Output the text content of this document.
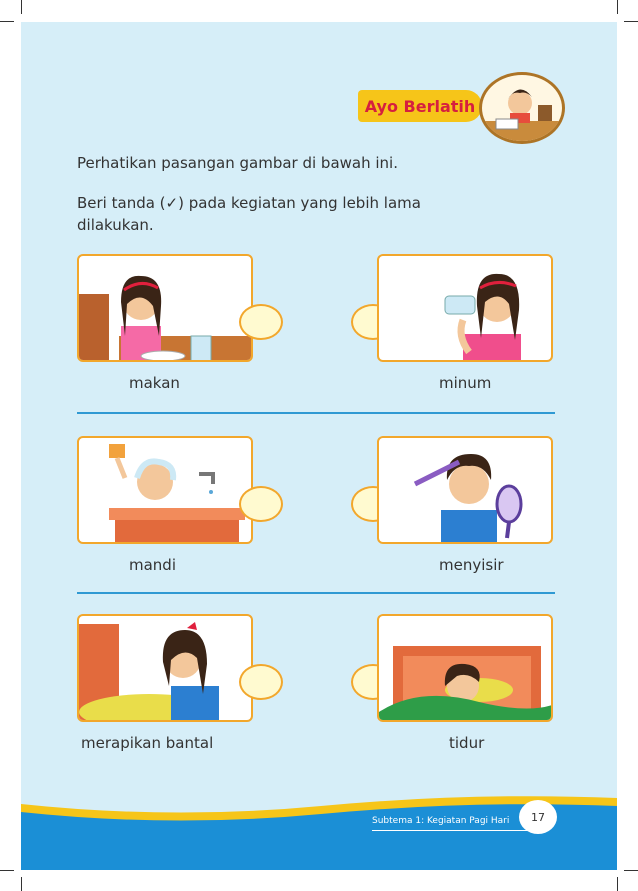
Ayo Berlatih
Perhatikan pasangan gambar di bawah ini.
Beri tanda (✓) pada kegiatan yang lebih lama
dilakukan.
makan	minum
mandi	menyisir
merapikan bantal	tidur
Subtema 1: Kegiatan Pagi Hari	17
